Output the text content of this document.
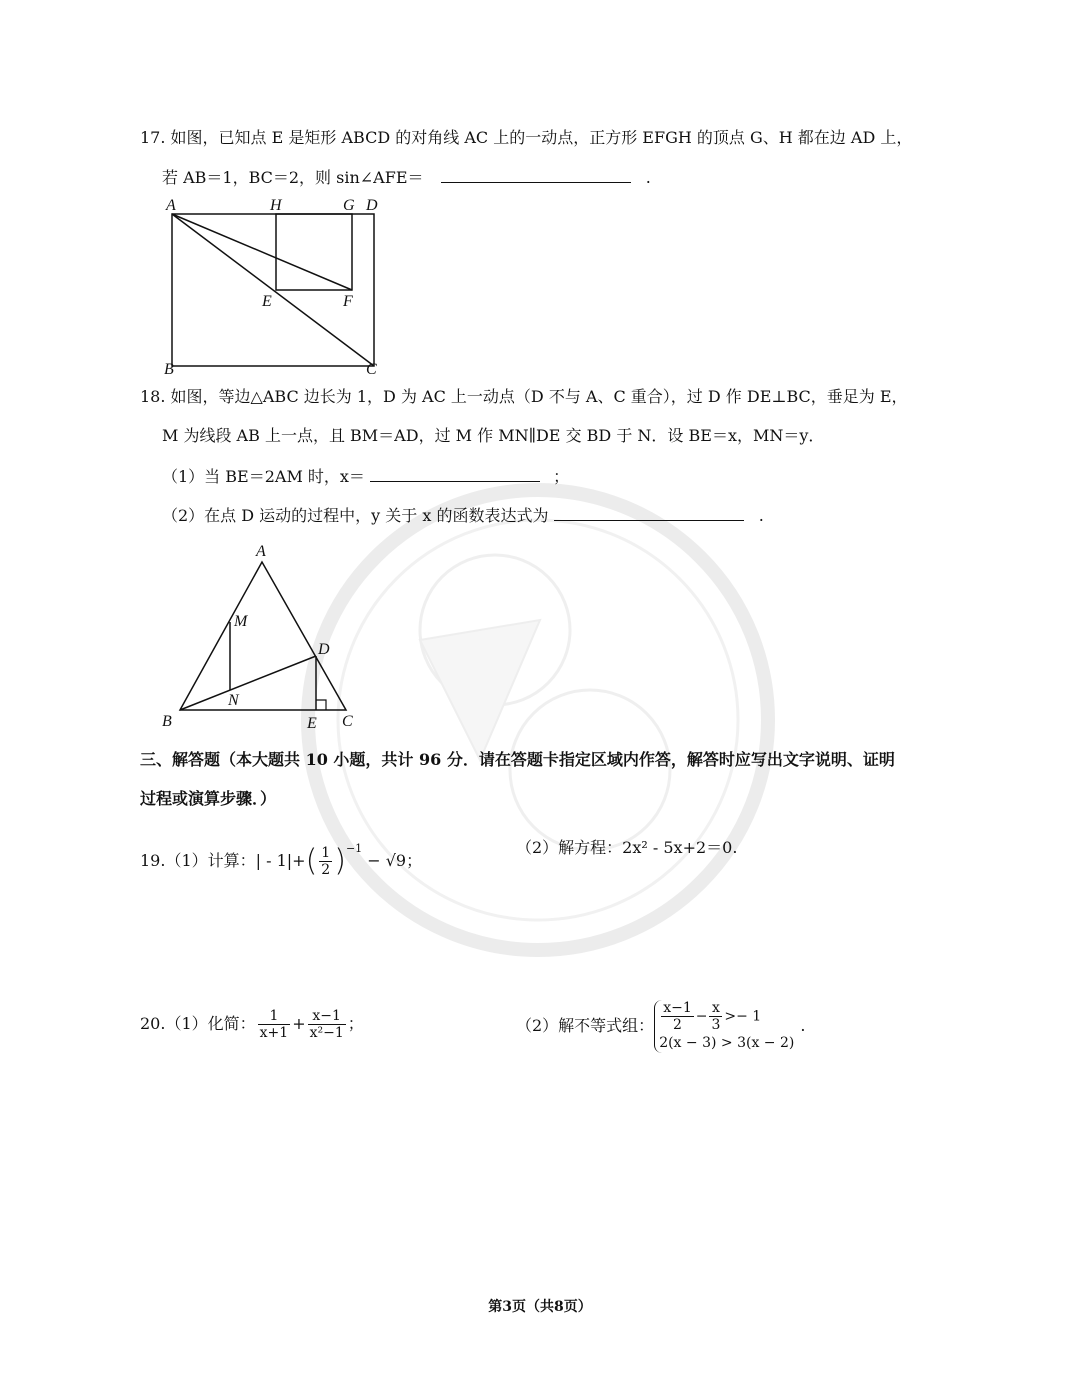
17. 如图，已知点 E 是矩形 ABCD 的对角线 AC 上的一动点，正方形 EFGH 的顶点 G、H 都在边 AD 上，
若 AB＝1，BC＝2，则 sin∠AFE＝	.
A	H	G D
E	F
B	C
18. 如图，等边△ABC 边长为 1，D 为 AC 上一动点（D 不与 A、C 重合），过 D 作 DE⊥BC，垂足为 E，
M 为线段 AB 上一点，且 BM＝AD，过 M 作 MN∥DE 交 BD 于 N．设 BE＝x，MN＝y．
（1）当 BE＝2AM 时，x＝	；
（2）在点 D 运动的过程中，y 关于 x 的函数表达式为	.
A
M
D
N
B	E C
三、解答题（本大题共 10 小题，共计 96 分．请在答题卡指定区域内作答，解答时应写出文字说明、证明
过程或演算步骤．）
19.（1）计算：| - $1|+( \frac{1}{2} )^{-1} - √9$；
（2）解方程：2x² - 5x+2＝0.
20.（1）化简： $\frac{1}{x+1} + \frac{x-1}{\text{x²−1}}$ ；	（2）解不等式组： $\frac{x-1}{2} - \frac{x}{3} >- 1$
2(x − 3) > 3(x − 2)
.
第3页（共8页）
